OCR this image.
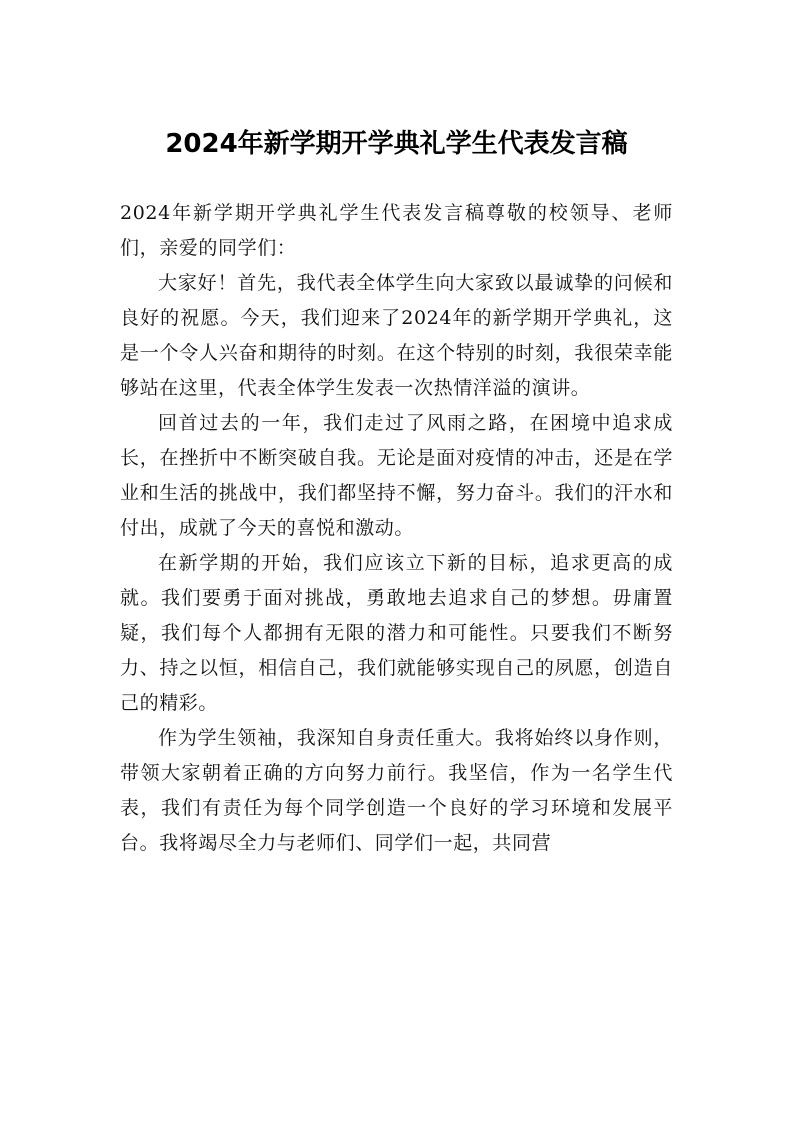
2024年新学期开学典礼学生代表发言稿

2024年新学期开学典礼学生代表发言稿尊敬的校领导、老师们，亲爱的同学们：

大家好！首先，我代表全体学生向大家致以最诚挚的问候和良好的祝愿。今天，我们迎来了2024年的新学期开学典礼，这是一个令人兴奋和期待的时刻。在这个特别的时刻，我很荣幸能够站在这里，代表全体学生发表一次热情洋溢的演讲。

回首过去的一年，我们走过了风雨之路，在困境中追求成长，在挫折中不断突破自我。无论是面对疫情的冲击，还是在学业和生活的挑战中，我们都坚持不懈，努力奋斗。我们的汗水和付出，成就了今天的喜悦和激动。

在新学期的开始，我们应该立下新的目标，追求更高的成就。我们要勇于面对挑战，勇敢地去追求自己的梦想。毋庸置疑，我们每个人都拥有无限的潜力和可能性。只要我们不断努力、持之以恒，相信自己，我们就能够实现自己的夙愿，创造自己的精彩。

作为学生领袖，我深知自身责任重大。我将始终以身作则，带领大家朝着正确的方向努力前行。我坚信，作为一名学生代表，我们有责任为每个同学创造一个良好的学习环境和发展平台。我将竭尽全力与老师们、同学们一起，共同营
